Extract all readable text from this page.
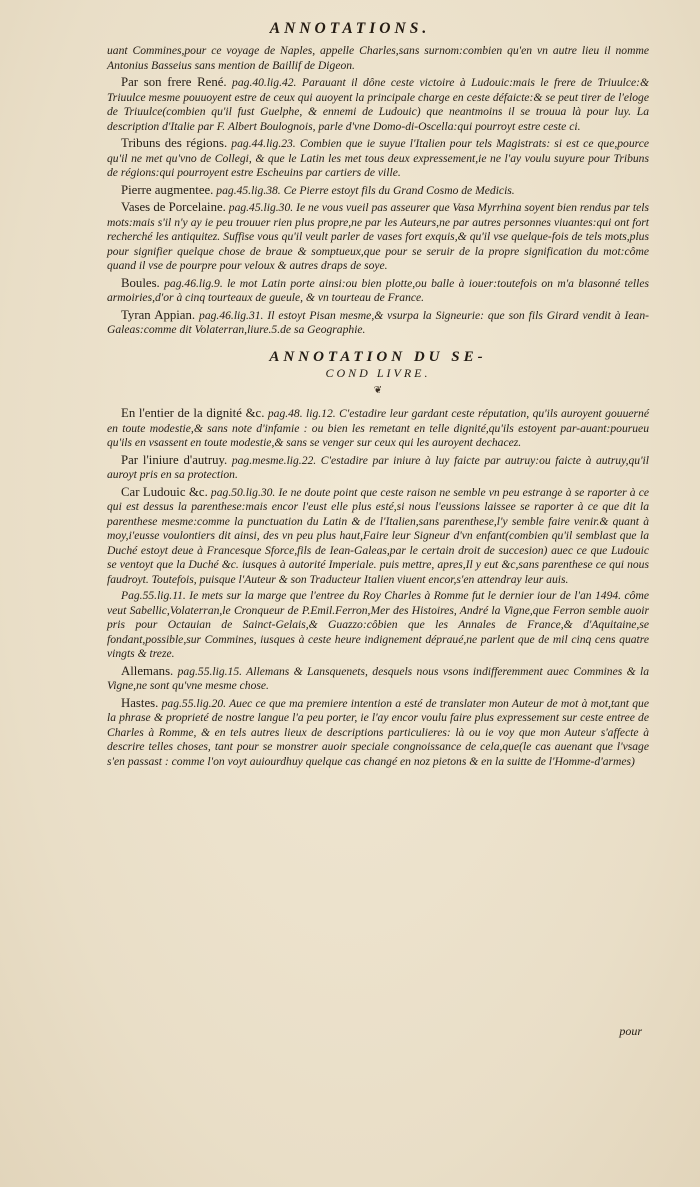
ANNOTATIONS.

uant Commines,pour ce voyage de Naples, appelle Charles,sans surnom:combien qu'en vn autre lieu il nomme Antonius Basseius sans mention de Baillif de Digeon.

Par son frere René. pag.40.lig.42. Parauant il dône ceste victoire à Ludouic:mais le frere de Triuulce:& Triuulce mesme pouuoyent estre de ceux qui auoyent la principale charge en ceste défaicte:& se peut tirer de l'eloge de Triuulce(combien qu'il fust Guelphe, & ennemi de Ludouic) que neantmoins il se trouua là pour luy. La description d'Italie par F. Albert Boulognois, parle d'vne Domo-di-Oscella:qui pourroyt estre ceste ci.

Tribuns des régions. pag.44.lig.23. Combien que ie suyue l'Italien pour tels Magistrats: si est ce que,pource qu'il ne met qu'vno de Collegi, & que le Latin les met tous deux expressement,ie ne l'ay voulu suyure pour Tribuns de régions:qui pourroyent estre Escheuins par cartiers de ville.

Pierre augmentee. pag.45.lig.38. Ce Pierre estoyt fils du Grand Cosmo de Medicis.

Vases de Porcelaine. pag.45.lig.30. Ie ne vous vueil pas asseurer que Vasa Myrrhina soyent bien rendus par tels mots:mais s'il n'y ay ie peu trouuer rien plus propre,ne par les Auteurs,ne par autres personnes viuantes:qui ont fort recherché les antiquitez. Suffise vous qu'il veult parler de vases fort exquis,& qu'il vse quelque-fois de tels mots,plus pour signifier quelque chose de braue & somptueux,que pour se seruir de la propre signification du mot:côme quand il vse de pourpre pour veloux & autres draps de soye.

Boules. pag.46.lig.9. le mot Latin porte ainsi:ou bien plotte,ou balle à iouer:toutefois on m'a blasonné telles armoiries,d'or à cinq tourteaux de gueule, & vn tourteau de France.

Tyran Appian. pag.46.lig.31. Il estoyt Pisan mesme,& vsurpa la Signeurie: que son fils Girard vendit à Iean-Galeas:comme dit Volaterran,liure.5.de sa Geographie.

ANNOTATION DU SE-
COND LIVRE.
❦

En l'entier de la dignité &c. pag.48. lig.12. C'estadire leur gardant ceste réputation, qu'ils auroyent gouuerné en toute modestie,& sans note d'infamie : ou bien les remetant en telle dignité,qu'ils estoyent par-auant:pourueu qu'ils en vsassent en toute modestie,& sans se venger sur ceux qui les auroyent dechacez.

Par l'iniure d'autruy. pag.mesme.lig.22. C'estadire par iniure à luy faicte par autruy:ou faicte à autruy,qu'il auroyt pris en sa protection.

Car Ludouic &c. pag.50.lig.30. Ie ne doute point que ceste raison ne semble vn peu estrange à se raporter à ce qui est dessus la parenthese:mais encor l'eust elle plus esté,si nous l'eussions laissee se raporter à ce que dit la parenthese mesme:comme la punctuation du Latin & de l'Italien,sans parenthese,l'y semble faire venir.& quant à moy,i'eusse voulontiers dit ainsi, des vn peu plus haut,Faire leur Signeur d'vn enfant(combien qu'il semblast que la Duché estoyt deue à Francesque Sforce,fils de Iean-Galeas,par le certain droit de succesion) auec ce que Ludouic se ventoyt que la Duché &c. iusques à autorité Imperiale. puis mettre, apres,Il y eut &c,sans parenthese ce qui nous faudroyt. Toutefois, puisque l'Auteur & son Traducteur Italien viuent encor,s'en attendray leur auis.

Pag.55.lig.11. Ie mets sur la marge que l'entree du Roy Charles à Romme fut le dernier iour de l'an 1494. côme veut Sabellic,Volaterran,le Cronqueur de P.Emil.Ferron,Mer des Histoires, André la Vigne,que Ferron semble auoir pris pour Octauian de Sainct-Gelais,& Guazzo:côbien que les Annales de France,& d'Aquitaine,se fondant,possible,sur Commines, iusques à ceste heure indignement dépraué,ne parlent que de mil cinq cens quatre vingts & treze.

Allemans. pag.55.lig.15. Allemans & Lansquenets, desquels nous vsons indifferemment auec Commines & la Vigne,ne sont qu'vne mesme chose.

Hastes. pag.55.lig.20. Auec ce que ma premiere intention a esté de translater mon Auteur de mot à mot,tant que la phrase & proprieté de nostre langue l'a peu porter, ie l'ay encor voulu faire plus expressement sur ceste entree de Charles à Romme, & en tels autres lieux de descriptions particulieres: là ou ie voy que mon Auteur s'affecte à descrire telles choses, tant pour se monstrer auoir speciale congnoissance de cela,que(le cas auenant que l'vsage s'en passast : comme l'on voyt auiourdhuy quelque cas changé en noz pietons & en la suitte de l'Homme-d'armes)

pour
